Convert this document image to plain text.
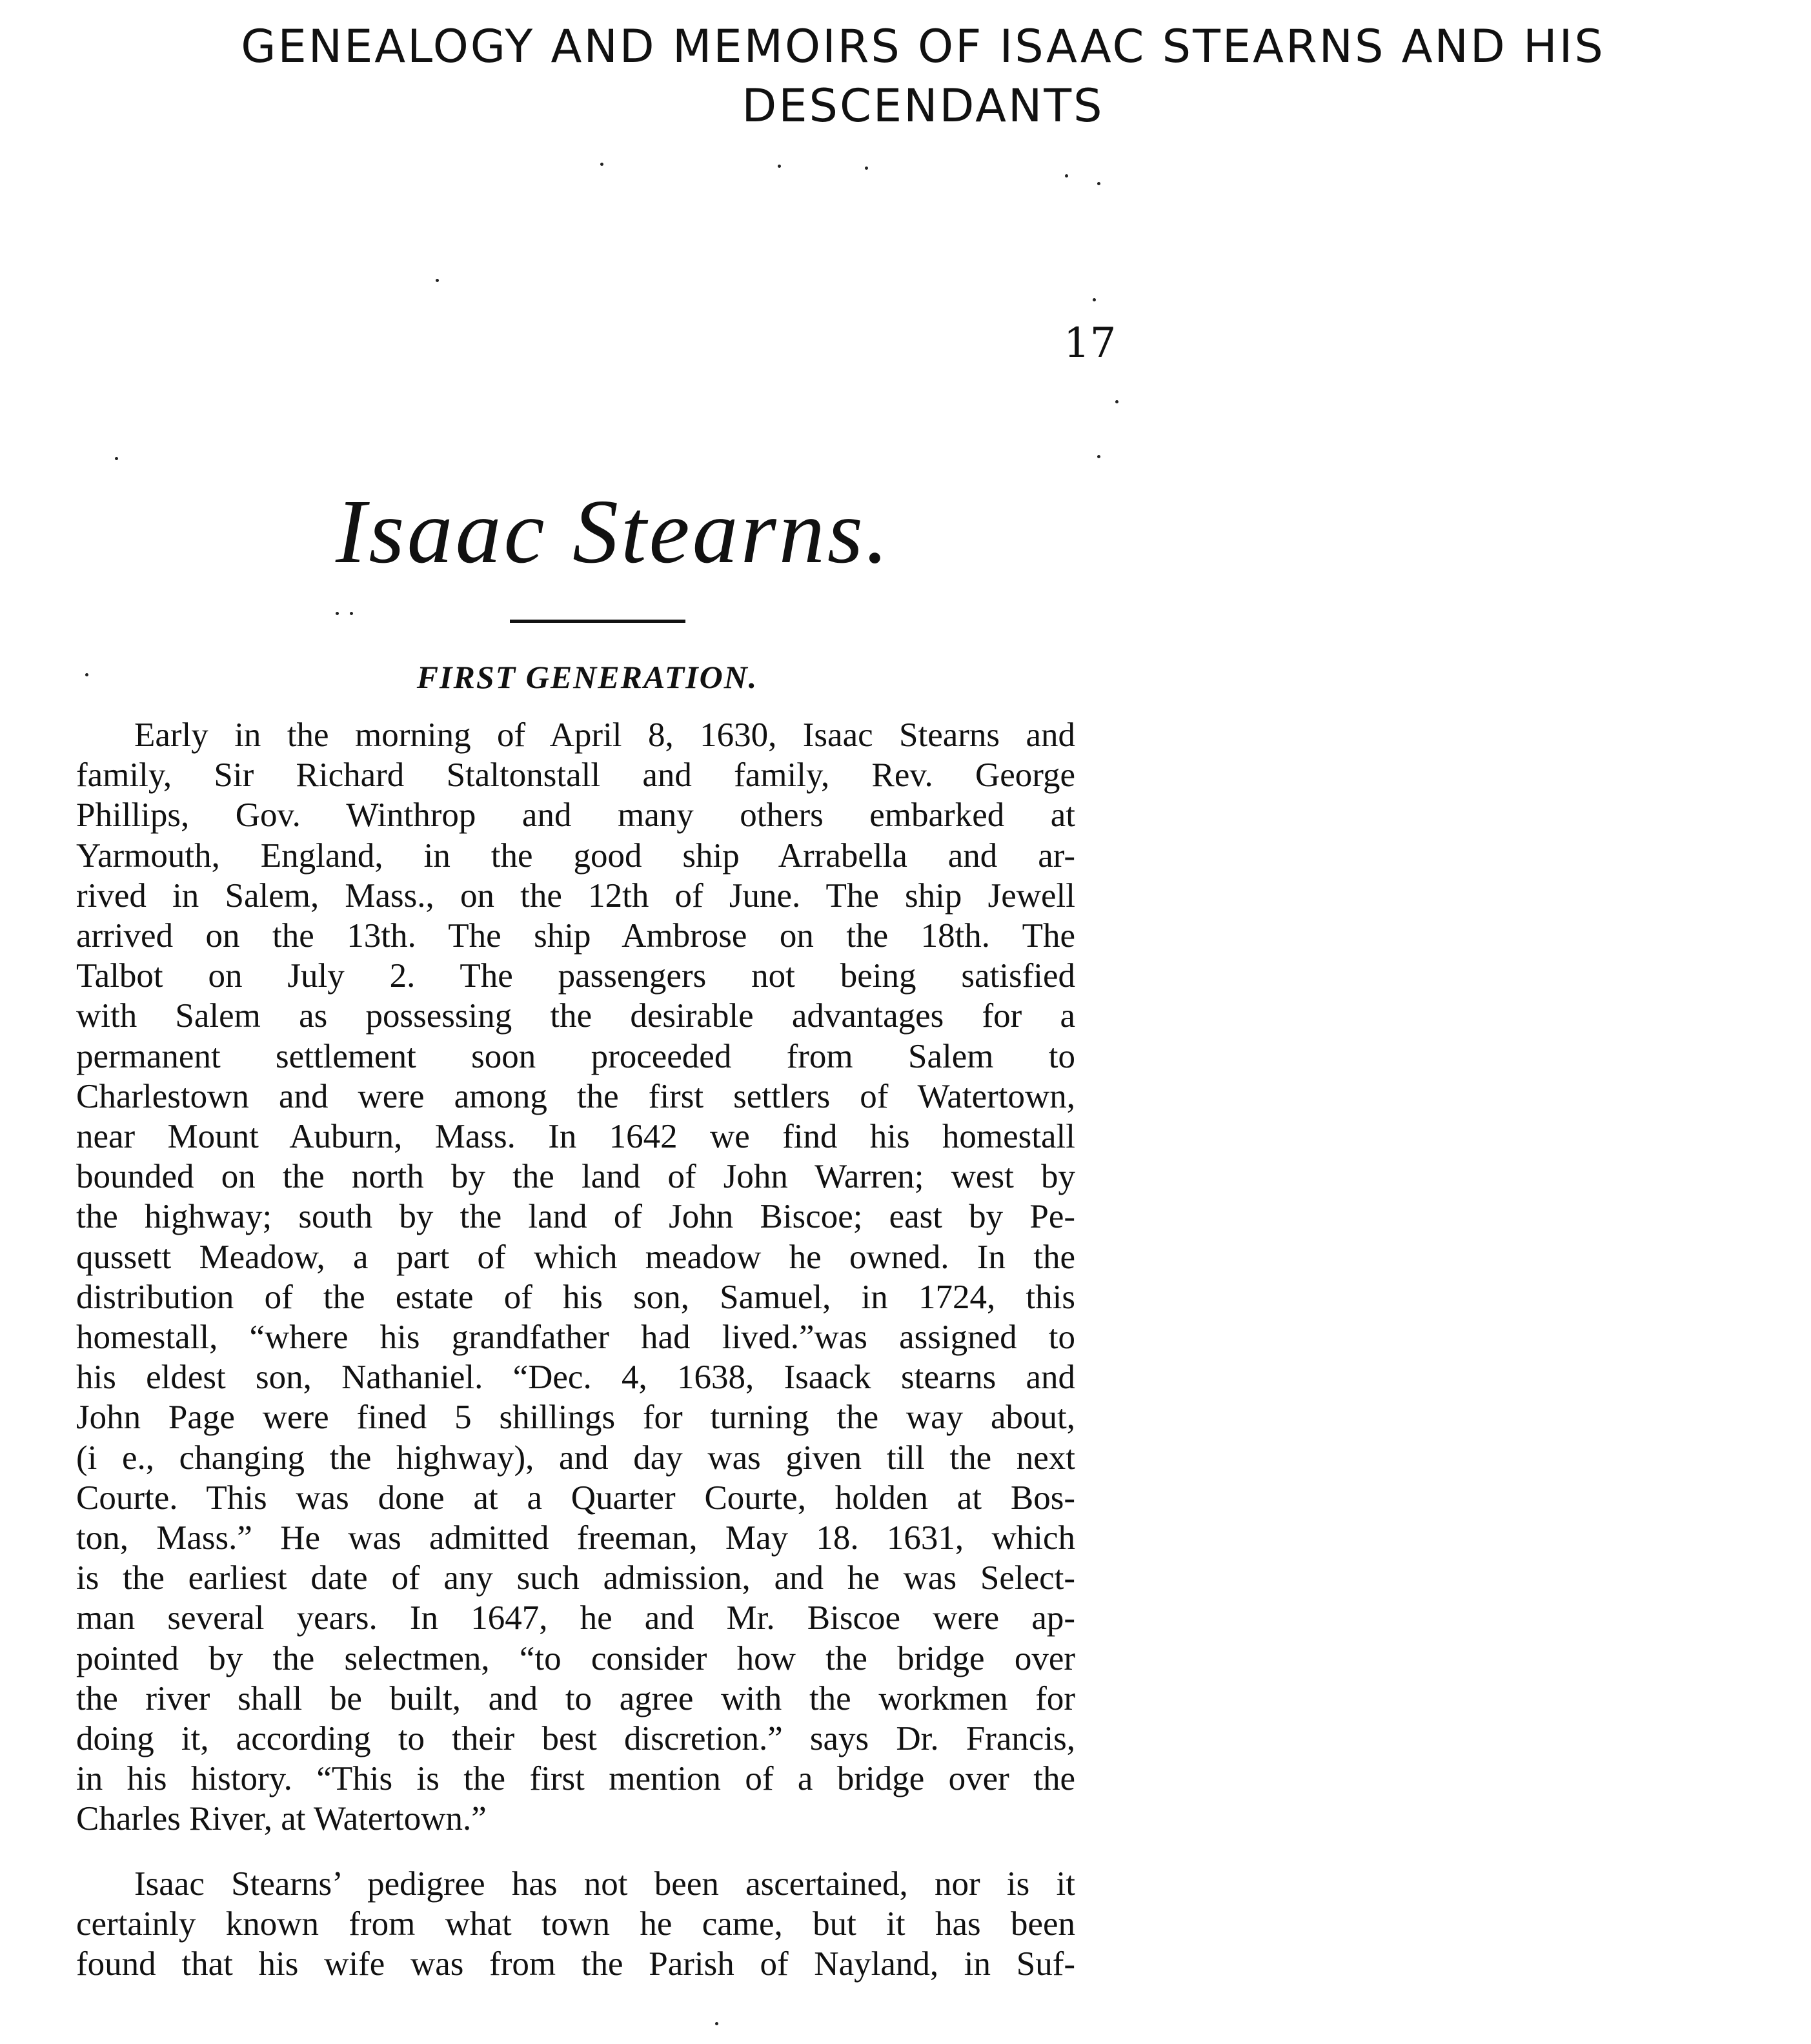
GENEALOGY AND MEMOIRS OF ISAAC STEARNS AND HIS
DESCENDANTS
17
Isaac Stearns.
FIRST GENERATION.
Early in the morning of April 8, 1630, Isaac Stearns and
family, Sir Richard Staltonstall and family, Rev. George
Phillips, Gov. Winthrop and many others embarked at
Yarmouth, England, in the good ship Arrabella and ar-
rived in Salem, Mass., on the 12th of June. The ship Jewell
arrived on the 13th. The ship Ambrose on the 18th. The
Talbot on July 2. The passengers not being satisfied
with Salem as possessing the desirable advantages for a
permanent settlement soon proceeded from Salem to
Charlestown and were among the first settlers of Watertown,
near Mount Auburn, Mass. In 1642 we find his homestall
bounded on the north by the land of John Warren; west by
the highway; south by the land of John Biscoe; east by Pe-
qussett Meadow, a part of which meadow he owned. In the
distribution of the estate of his son, Samuel, in 1724, this
homestall, “where his grandfather had lived.”was assigned to
his eldest son, Nathaniel. “Dec. 4, 1638, Isaack stearns and
John Page were fined 5 shillings for turning the way about,
(i e., changing the highway), and day was given till the next
Courte. This was done at a Quarter Courte, holden at Bos-
ton, Mass.” He was admitted freeman, May 18. 1631, which
is the earliest date of any such admission, and he was Select-
man several years. In 1647, he and Mr. Biscoe were ap-
pointed by the selectmen, “to consider how the bridge over
the river shall be built, and to agree with the workmen for
doing it, according to their best discretion.” says Dr. Francis,
in his history. “This is the first mention of a bridge over the
Charles River, at Watertown.”
Isaac Stearns’ pedigree has not been ascertained, nor is it
certainly known from what town he came, but it has been
found that his wife was from the Parish of Nayland, in Suf-
